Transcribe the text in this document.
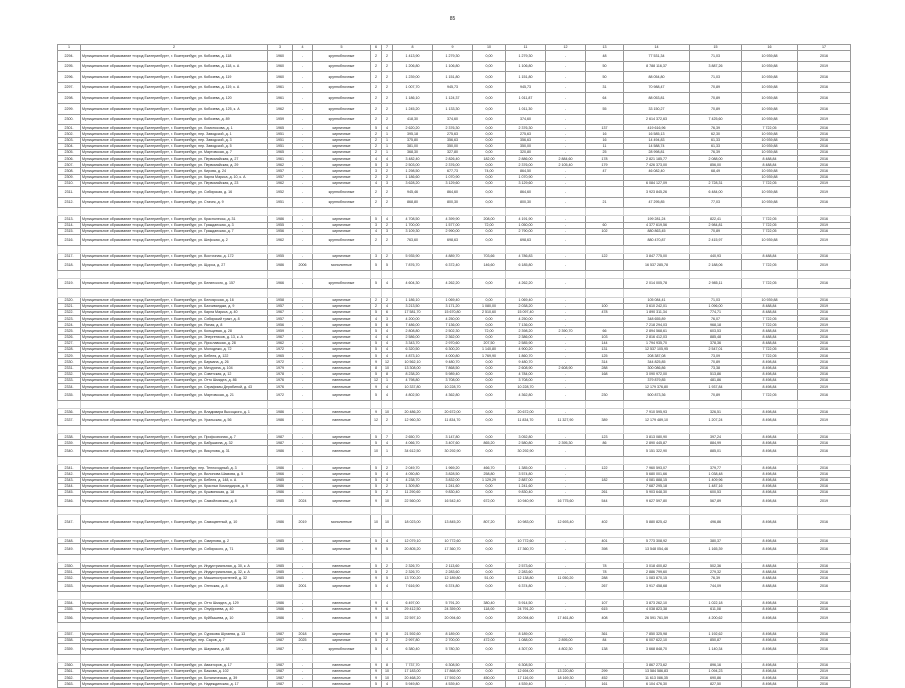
85
1	2	3	4	5	6	7	8	9	10	11	12	13	14	15	16	17
2294.	Муниципальное образование «город Екатеринбург», г. Екатеринбург, ул. Кобозева, д. 118	1960	-	крупноблочные	2	2	1 413,90	1 279,30	0,00	1 279,30	-	48	77 531,34	71,03	10 939,88	2016
2295.	Муниципальное образование «город Екатеринбург», г. Екатеринбург, ул. Кобозева, д. 118, к. А	1960	-	крупноблочные	2	2	1 206,80	1 106,80	0,00	1 106,80	-	50	8 788 116,37	3 887,26	10 939,88	2019
2296.	Муниципальное образование «город Екатеринбург», г. Екатеринбург, ул. Кобозева, д. 119	1960	-	крупноблочные	2	2	1 239,00	1 151,80	0,00	1 151,80	-	50	88 054,80	71,03	10 939,88	2016
2297.	Муниципальное образование «город Екатеринбург», г. Екатеринбург, ул. Кобозева, д. 119, к. А	1961	-	крупноблочные	2	2	1 007,70	945,73	0,00	945,73	-	31	70 988,47	70,89	10 939,88	2016
2298.	Муниципальное образование «город Екатеринбург», г. Екатеринбург, ул. Кобозева, д. 120	1961	-	крупноблочные	2	2	1 186,10	1 124,37	0,00	1 011,87	-	64	88 053,81	70,89	10 939,88	2016
2299.	Муниципальное образование «город Екатеринбург», г. Екатеринбург, ул. Кобозева, д. 125, к. А	1962	-	крупноблочные	2	2	1 245,20	1 133,30	0,00	1 011,30	-	55	33 150,27	70,89	10 939,88	2016
2300.	Муниципальное образование «город Екатеринбург», г. Екатеринбург, ул. Кобозева, д. 89	1959	-	крупноблочные	2	2	418,30	374,60	0,00	374,60	-		2 614 372,63	7 425,60	10 939,88	2019
2301.	Муниципальное образование «город Екатеринбург», г. Екатеринбург, ул. Ломоносова, д. 1	1965	-	кирпичные	5	4	2 620,20	2 376,30	0,00	2 376,30	-	137	419 616,96	76,39	7 722,05	2016
2302.	Муниципальное образование «город Екатеринбург», г. Екатеринбург, пер. Заводской, д. 1	1951	-	кирпичные	2	1	395,18	275,63	0,00	275,63	-	16	16 585,13	62,30	10 939,88	2016
2303.	Муниципальное образование «город Екатеринбург», г. Екатеринбург, пер. Заводской, д. 3	1951	-	кирпичные	2	1	375,80	356,63	0,00	356,63	-	16	14 494,83	61,33	10 939,88	2016
2304.	Муниципальное образование «город Екатеринбург», г. Екатеринбург, пер. Заводской, д. 5	1951	-	кирпичные	2	1	381,00	350,00	0,00	350,00	-	11	14 588,74	61,33	10 939,88	2016
2305.	Муниципальное образование «город Екатеринбург», г. Екатеринбург, ул. Мартовская, д. 7	1965	-	кирпичные	2	1	368,30	327,80	0,00	320,80	-	25	28 998,81	76,39	10 939,88	2016
2306.	Муниципальное образование «город Екатеринбург», г. Екатеринбург, ул. Первомайская, д. 27	1961	-	кирпичные	4	4	3 482,40	2 826,40	182,00	2 886,00	2 884,60	178	2 821 185,77	2 088,00	8 488,84	2016
2307.	Муниципальное образование «город Екатеринбург», г. Екатеринбург, ул. Первомайская, д. 29	1962	-	кирпичные	5	3	2 503,00	2 376,00	0,00	2 376,00	2 105,40	179	7 426 373,00	856,00	8 488,84	2016
2308.	Муниципальное образование «город Екатеринбург», г. Екатеринбург, ул. Кирова, д. 24	1957	-	кирпичные	3	2	1 298,50	677,73	74,00	864,50	-	47	46 082,40	68,49	10 939,88	2016
2309.	Муниципальное образование «город Екатеринбург», г. Екатеринбург, ул. Карла Маркса, д. 10, к. А	1957	-	кирпичные	2	2	1 186,60	1 070,90	0,00	1 070,90	-				10 939,88	2016
2310.	Муниципальное образование «город Екатеринбург», г. Екатеринбург, ул. Первомайская, д. 23	1962	-	кирпичные	4	3	3 628,20	3 129,60	0,00	3 129,60	-		6 084 127,09	2 728,31	7 722,05	2019
2311.	Муниципальное образование «город Екатеринбург», г. Екатеринбург, ул. Сибирская, д. 16	1952	-	крупноблочные	2	2	945,46	864,60	0,00	864,60	-		3 923 845,26	6 484,00	10 939,88	2019
2312.	Муниципальное образование «город Екатеринбург», г. Екатеринбург, ул. Стачек, д. 9	1951	-	крупноблочные	2	2	868,80	800,30	0,00	800,30	-	21	47 295,85	77,03	10 939,88	2016

2313.	Муниципальное образование «город Екатеринбург», г. Екатеринбург, ул. Краснолесья, д. 31	1986	-	кирпичные	5	4	4 708,50	4 399,90	208,00	4 191,90	-		199 281,24	822,41	7 722,05	2016
2314.	Муниципальное образование «город Екатеринбург», г. Екатеринбург, ул. Гражданская, д. 3	1955	-	кирпичные	3	2	1 700,00	1 577,00	72,00	1 050,00	-	60	4 377 619,56	2 984,81	7 722,05	2019
2315.	Муниципальное образование «город Екатеринбург», г. Екатеринбург, ул. Гражданская, д. 7	1956	-	кирпичные	4	3	3 109,30	2 990,00	0,00	2 790,00	-	102	880 863,45	70,89	7 722,05	2016
2316.	Муниципальное образование «город Екатеринбург», г. Екатеринбург, ул. Шефская, д. 2	1962	-	крупноблочные	2	2	763,60	698,63	0,00	698,63	-		880 470,87	2 415,97	10 939,88	2019

2317.	Муниципальное образование «город Екатеринбург», г. Екатеринбург, ул. Восточная, д. 172	1955	-	кирпичные	3	2	5 935,90	4 889,70	703,66	4 786,83	-	122	3 847 775,00	440,93	8 488,84	2016
2318.	Муниципальное образование «город Екатеринбург», г. Екатеринбург, ул. Щорса, д. 27	1986	2006	монолитные	5	5	7 876,70	6 372,40	146,60	6 185,80	-		16 537 285,78	2 188,06	7 722,05	2019

2319.	Муниципальное образование «город Екатеринбург», г. Екатеринбург, ул. Белинского, д. 157	1966	-	крупноблочные	5	4	4 604,30	4 262,20	0,00	4 262,20	-		2 014 005,78	2 985,11	7 722,05	2016

2320.	Муниципальное образование «город Екатеринбург», г. Екатеринбург, ул. Белоярская, д. 16	1958	-	кирпичные	2	2	1 186,10	1 069,40	0,00	1 069,40	-		105 084,41	71,03	10 939,88	2016
2321.	Муниципальное образование «город Екатеринбург», г. Екатеринбург, ул. Бахчиванджи, д. 9	1957	-	кирпичные	2	4	3 213,50	3 171,20	1 080,00	2 038,20	-	100	3 610 242,01	1 096,00	8 488,84	2019
2322.	Муниципальное образование «город Екатеринбург», г. Екатеринбург, ул. Карла Маркса, д. 40	1967	-	кирпичные	5	6	17 581,70	15 670,80	2 510,60	15 097,40	-	478	1 890 311,34	774,71	8 488,84	2016
2323.	Муниципальное образование «город Екатеринбург», г. Екатеринбург, ул. Сибирский тракт, д. 8	1957	-	кирпичные	4	3	4 200,00	4 250,00	0,00	4 250,00	-		348 655,89	76,07	7 722,05	2016
2324.	Муниципальное образование «город Екатеринбург», г. Екатеринбург, ул. Ясная, д. 8	1956	-	кирпичные	5	6	7 486,00	7 136,00	0,00	7 136,00	-		7 218 294,03	968,18	7 722,05	2019
2325.	Муниципальное образование «город Екатеринбург», г. Екатеринбург, ул. Кольцевая, д. 28	1959	-	кирпичные	5	4	2 808,80	2 502,30	72,00	2 398,20	2 390,70	66	2 894 568,61	603,53	8 488,84	2019
2326.	Муниципальное образование «город Екатеринбург», г. Екатеринбург, ул. Энергетиков, д. 13, к. А	1967	-	кирпичные	4	4	2 586,00	2 362,00	0,00	2 386,00	-	103	2 816 412,03	885,48	8 488,84	2016
2327.	Муниципальное образование «город Екатеринбург», г. Екатеринбург, ул. Ярославская, д. 28	1962	-	кирпичные	5	4	3 343,70	2 970,60	207,50	2 585,90	-	144	1 794 935,70	378,36	8 488,84	2016
2328.	Муниципальное образование «город Екатеринбург», г. Екатеринбург, ул. Молодежи, д. 72	1972	-	кирпичные	5	4	6 320,50	6 300,20	1 140,80	4 900,20	-	131	12 537 105,95	2 547,01	7 722,05	2016
2329.	Муниципальное образование «город Екатеринбург», г. Екатеринбург, ул. Бебеля, д. 122	1965	-	кирпичные	5	4	4 873,10	4 000,80	1 769,90	1 860,70	-	125	208 387,08	73,09	7 722,05	2016
2330.	Муниципальное образование «город Екатеринбург», г. Екатеринбург, ул. Баумана, д. 26	1972	-	кирпичные	9	12	10 562,10	9 480,70	0,00	9 480,70	-	314	344 825,85	70,89	8 498,84	2016
2331.	Муниципальное образование «город Екатеринбург», г. Екатеринбург, ул. Мичурина, д. 104	1979	-	панельные	8	10	13 308,00	7 868,50	0,00	2 608,90	2 608,90	288	300 086,86	73,38	8 498,84	2016
2332.	Муниципальное образование «город Екатеринбург», г. Екатеринбург, ул. Советская, д. 12	1978	-	кирпичные	5	8	8 238,20	5 989,40	0,00	4 784,00	-	168	3 090 972,00	513,86	8 498,84	2016
2333.	Муниципальное образование «город Екатеринбург», г. Екатеринбург, ул. Отто Шмидта, д. 86	1976	-	панельные	12	1	4 798,80	3 708,00	0,00	3 708,00	-		379 879,85	481,86	8 498,84	2016
2334.	Муниципальное образование «город Екатеринбург», г. Екатеринбург, ул. Серафимы Дерябиной, д. 43	1976	-	панельные	9	4	10 337,80	10 228,70	0,00	10 228,70	-		12 179 376,80	1 937,84	8 498,84	2019
2335.	Муниципальное образование «город Екатеринбург», г. Екатеринбург, ул. Мартовская, д. 21	1972	-	кирпичные	5	4	4 802,50	4 362,80	0,00	4 362,80	-	230	500 873,36	70,89	7 722,05	2016

2336.	Муниципальное образование «город Екатеринбург», г. Екатеринбург, ул. Владимира Высоцкого, д. 1	1986	-	панельные	9	10	20 486,20	20 672,00	0,00	20 672,00	-		7 910 595,93	326,51	8 498,84	2016
2337.	Муниципальное образование «город Екатеринбург», г. Екатеринбург, ул. Уральская, д. 56	1986	-	панельные	12	2	12 960,30	11 834,70	0,00	11 834,70	11 327,90	389	12 179 489,10	1 207,24	8 498,84	2019

2338.	Муниципальное образование «город Екатеринбург», г. Екатеринбург, ул. Профсоюзная, д. 7	1987	-	кирпичные	5	7	2 650,70	3 147,80	0,00	3 052,80	-	123	3 813 080,90	397,24	8 498,84	2016
2339.	Муниципальное образование «город Екатеринбург», г. Екатеринбург, ул. Бабушкина, д. 32	1987	-	кирпичные	5	4	4 066,70	3 407,60	865,20	2 580,80	2 395,30	86	2 890 445,87	884,99	8 498,84	2016
2340.	Муниципальное образование «город Екатеринбург», г. Екатеринбург, ул. Викулова, д. 31	1986	-	панельные	10	1	34 612,50	30 292,90	0,00	30 292,90	-		5 151 322,90	885,01	8 498,84	2016

2341.	Муниципальное образование «город Екатеринбург», г. Екатеринбург, пер. Теплоходный, д. 3	1986	-	кирпичные	5	2	2 049,70	1 969,20	466,70	1 385,00	-	122	7 960 593,07	379,77	8 498,84	2016
2342.	Муниципальное образование «город Екатеринбург», г. Екатеринбург, ул. Вилонова Шамова, д. 5	1966	-	кирпичные	5	4	4 050,80	3 828,50	258,80	3 574,80	-		5 680 001,66	1 038,48	8 498,84	2016
2343.	Муниципальное образование «город Екатеринбург», г. Екатеринбург, ул. Бебеля, д. 148, к. А	1985	-	кирпичные	5	4	4 238,70	3 832,00	1 129,29	2 887,00	-	182	4 081 888,15	1 409,96	8 498,84	2016
2344.	Муниципальное образование «город Екатеринбург», г. Екатеринбург, ул. Красных Командиров, д. 9	1986	-	кирпичные	5	2	1 309,80	1 241,60	0,00	1 241,60	-		7 687 295,18	1 487,16	8 498,84	2016
2345.	Муниципальное образование «город Екатеринбург», г. Екатеринбург, ул. Кушвинская, д. 18	1986	-	кирпичные	5	2	11 290,60	9 830,40	0,00	9 830,40	-	261	5 903 648,30	600,53	8 498,84	2016
2346.	Муниципальное образование «город Екатеринбург», г. Екатеринбург, ул. Самойловская, д. 8	1985	2024	кирпичные	9	10	22 560,00	16 542,40	672,00	10 940,90	16 775,60	544	9 627 597,80	567,89	8 498,84	2019

2347.	Муниципальное образование «город Екатеринбург», г. Екатеринбург, ул. Самоцветный, д. 10	1986	2019	монолитные	10	10	18 023,00	13 845,20	807,20	10 983,00	12 693,40	402	5 880 825,42	496,86	8 498,84	2016

2348.	Муниципальное образование «город Екатеринбург», г. Екатеринбург, ул. Смирнова, д. 2	1985	-	кирпичные	5	4	12 079,10	10 772,60	0,00	10 772,60	-	401	5 773 308,92	380,37	8 498,84	2016
2349.	Муниципальное образование «город Екатеринбург», г. Екатеринбург, ул. Сибирского, д. 71	1985	-	кирпичные	9	5	20 805,20	17 360,70	0,00	17 360,70	-	398	13 548 054,46	1 165,39	8 498,84	2016

2350.	Муниципальное образование «город Екатеринбург», г. Екатеринбург, ул. Индустриальная, д. 30, к. А	1985	-	панельные	5	2	2 326,70	2 113,60	0,00	2 573,60	-	78	3 018 400,82	502,36	8 488,84	2016
2351.	Муниципальное образование «город Екатеринбург», г. Екатеринбург, ул. Индустриальная, д. 32, к. А	1985	-	панельные	5	2	2 326,70	2 283,60	0,00	2 283,60	-	78	2 886 799,60	279,32	8 488,84	2016
2352.	Муниципальное образование «город Екатеринбург», г. Екатеринбург, ул. Машиностроителей, д. 32	1985	-	кирпичные	9	5	13 700,20	12 189,80	51,00	12 138,80	11 050,20	288	1 083 870,15	76,39	8 488,84	2016
2353.	Муниципальное образование «город Екатеринбург», г. Екатеринбург, ул. Огенская, д. 8	1985	2001	кирпичные	5	4	7 616,90	6 374,80	0,00	6 374,80	-	267	3 917 458,68	744,09	8 488,84	2016

2354.	Муниципальное образование «город Екатеринбург», г. Екатеринбург, ул. Отто Шмидта, д. 129	1986	-	панельные	9	4	6 497,00	5 791,20	380,40	5 914,50	-	107	3 873 262,10	1 022,18	8 498,84	2016
2355.	Муниципальное образование «город Екатеринбург», г. Екатеринбург, ул. Онуфриева, д. 40	1986	-	панельные	9	6	29 412,50	24 359,00	118,00	24 791,20	-	615	4 038 823,38	611,08	8 498,84	2016
2356.	Муниципальное образование «город Екатеринбург», г. Екатеринбург, ул. Куйбышева, д. 10	1986	-	панельные	9	10	22 597,10	20 094,60	0,00	20 094,60	17 461,80	408	26 591 761,59	4 200,62	8 498,84	2019

2357.	Муниципальное образование «город Екатеринбург», г. Екатеринбург, ул. Сурикова Шугаева, д. 13	1987	2018	кирпичные	9	8	21 592,60	8 189,00	0,00	8 189,00	-	361	7 850 325,98	1 192,62	8 498,84	2016
2358.	Муниципальное образование «город Екатеринбург», г. Екатеринбург, пер. Саров, д. 7	1987	2025	кирпичные	5	2	2 997,80	2 700,00	472,00	1 088,00	2 895,00	84	6 007 622,10	850,87	8 498,84	2016
2359.	Муниципальное образование «город Екатеринбург», г. Екатеринбург, ул. Шаумяна, д. 88	1987	-	крупноблочные	5	4	6 380,40	5 780,30	0,00	4 307,00	4 802,30	138	3 668 848,70	1 140,34	8 498,84	2016

2360.	Муниципальное образование «город Екатеринбург», г. Екатеринбург, ул. Авиаторов, д. 17	1987	-	панельные	9	8	7 737,70	6 308,50	0,00	6 308,50	-		3 867 273,62	896,16	8 498,84	2016
2361.	Муниципальное образование «город Екатеринбург», г. Екатеринбург, ул. Бажова, д. 102	1987	-	панельные	9	10	17 183,00	17 868,90	0,00	12 694,00	13 220,80	299	13 584 586,83	1 094,23	8 498,84	2019
2362.	Муниципальное образование «город Екатеринбург», г. Екатеринбург, ул. Ботаническая, д. 39	1987	-	панельные	9	10	20 468,20	17 592,00	450,00	17 116,00	18 169,30	452	11 613 086,35	690,86	8 498,84	2016
2363.	Муниципальное образование «город Екатеринбург», г. Екатеринбург, ул. Надеждинская, д. 17	1987	-	панельные	5	4	5 949,80	4 539,40	0,00	4 539,40	-	161	6 104 476,30	827,50	8 498,84	2016
